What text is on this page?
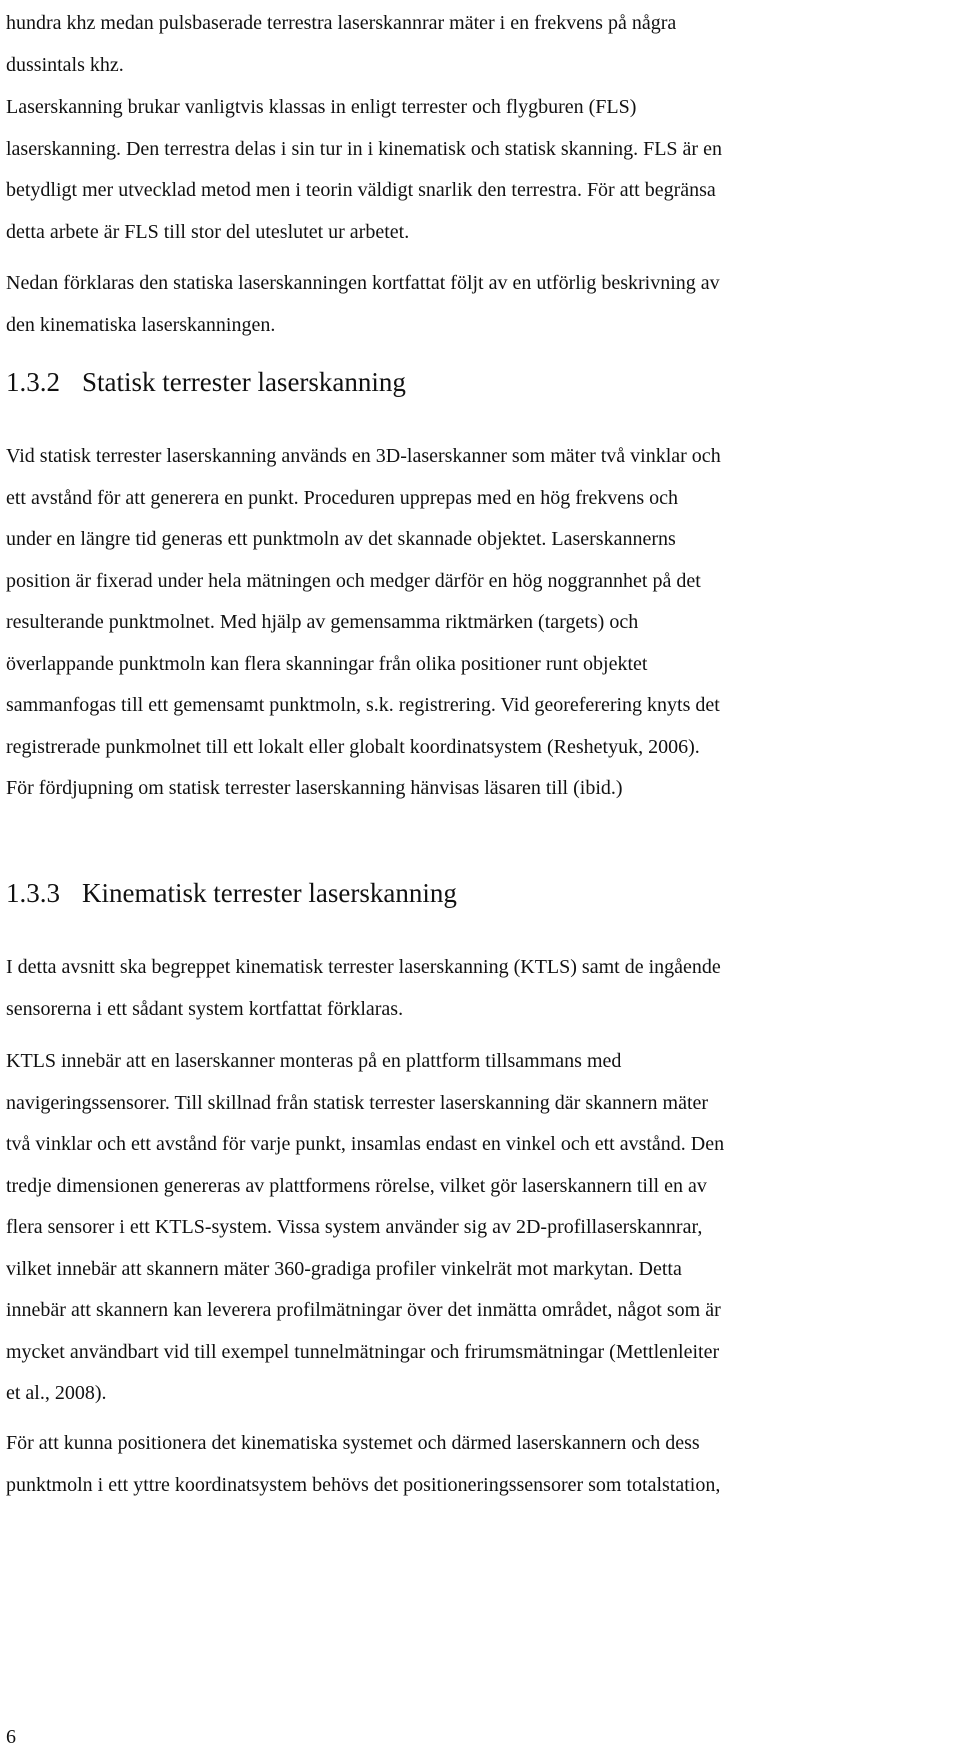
hundra khz medan pulsbaserade terrestra laserskannrar mäter i en frekvens på några
dussintals khz.

Laserskanning brukar vanligtvis klassas in enligt terrester och flygburen (FLS)
laserskanning. Den terrestra delas i sin tur in i kinematisk och statisk skanning. FLS är en
betydligt mer utvecklad metod men i teorin väldigt snarlik den terrestra. För att begränsa
detta arbete är FLS till stor del uteslutet ur arbetet.

Nedan förklaras den statiska laserskanningen kortfattat följt av en utförlig beskrivning av
den kinematiska laserskanningen.

1.3.2 Statisk terrester laserskanning

Vid statisk terrester laserskanning används en 3D-laserskanner som mäter två vinklar och
ett avstånd för att generera en punkt. Proceduren upprepas med en hög frekvens och
under en längre tid generas ett punktmoln av det skannade objektet. Laserskannerns
position är fixerad under hela mätningen och medger därför en hög noggrannhet på det
resulterande punktmolnet. Med hjälp av gemensamma riktmärken (targets) och
överlappande punktmoln kan flera skanningar från olika positioner runt objektet
sammanfogas till ett gemensamt punktmoln, s.k. registrering. Vid georeferering knyts det
registrerade punkmolnet till ett lokalt eller globalt koordinatsystem (Reshetyuk, 2006).
För fördjupning om statisk terrester laserskanning hänvisas läsaren till (ibid.)

1.3.3 Kinematisk terrester laserskanning

I detta avsnitt ska begreppet kinematisk terrester laserskanning (KTLS) samt de ingående
sensorerna i ett sådant system kortfattat förklaras.

KTLS innebär att en laserskanner monteras på en plattform tillsammans med
navigeringssensorer. Till skillnad från statisk terrester laserskanning där skannern mäter
två vinklar och ett avstånd för varje punkt, insamlas endast en vinkel och ett avstånd. Den
tredje dimensionen genereras av plattformens rörelse, vilket gör laserskannern till en av
flera sensorer i ett KTLS-system. Vissa system använder sig av 2D-profillaserskannrar,
vilket innebär att skannern mäter 360-gradiga profiler vinkelrät mot markytan. Detta
innebär att skannern kan leverera profilmätningar över det inmätta området, något som är
mycket användbart vid till exempel tunnelmätningar och frirumsmätningar (Mettlenleiter
et al., 2008).

För att kunna positionera det kinematiska systemet och därmed laserskannern och dess
punktmoln i ett yttre koordinatsystem behövs det positioneringssensorer som totalstation,

6
